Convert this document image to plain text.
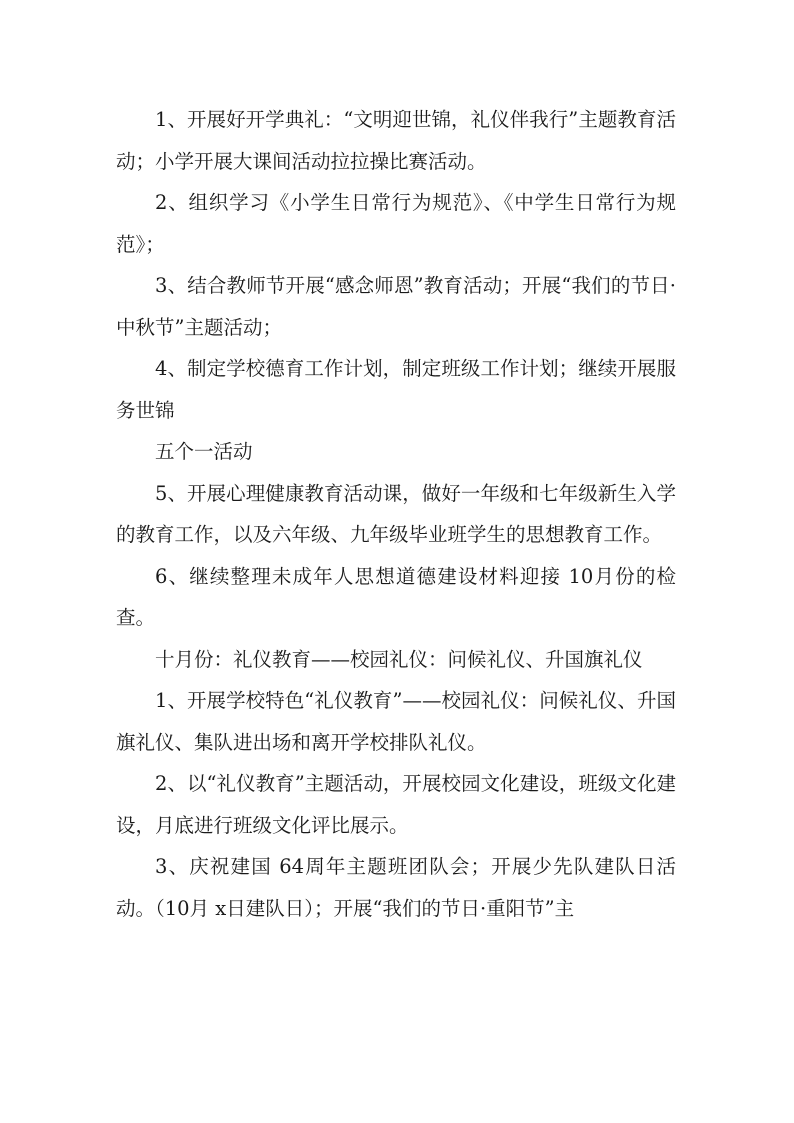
1、开展好开学典礼：“文明迎世锦，礼仪伴我行”主题教育活动；小学开展大课间活动拉拉操比赛活动。

2、组织学习《小学生日常行为规范》、《中学生日常行为规范》；

3、结合教师节开展“感念师恩”教育活动；开展“我们的节日·中秋节”主题活动；

4、制定学校德育工作计划，制定班级工作计划；继续开展服务世锦

五个一活动

5、开展心理健康教育活动课，做好一年级和七年级新生入学的教育工作，以及六年级、九年级毕业班学生的思想教育工作。

6、继续整理未成年人思想道德建设材料迎接 10月份的检查。

十月份：礼仪教育——校园礼仪：问候礼仪、升国旗礼仪

1、开展学校特色“礼仪教育”——校园礼仪：问候礼仪、升国旗礼仪、集队进出场和离开学校排队礼仪。

2、以“礼仪教育”主题活动，开展校园文化建设，班级文化建设，月底进行班级文化评比展示。

3、庆祝建国 64周年主题班团队会；开展少先队建队日活动。（10月 x日建队日）；开展“我们的节日·重阳节”主
